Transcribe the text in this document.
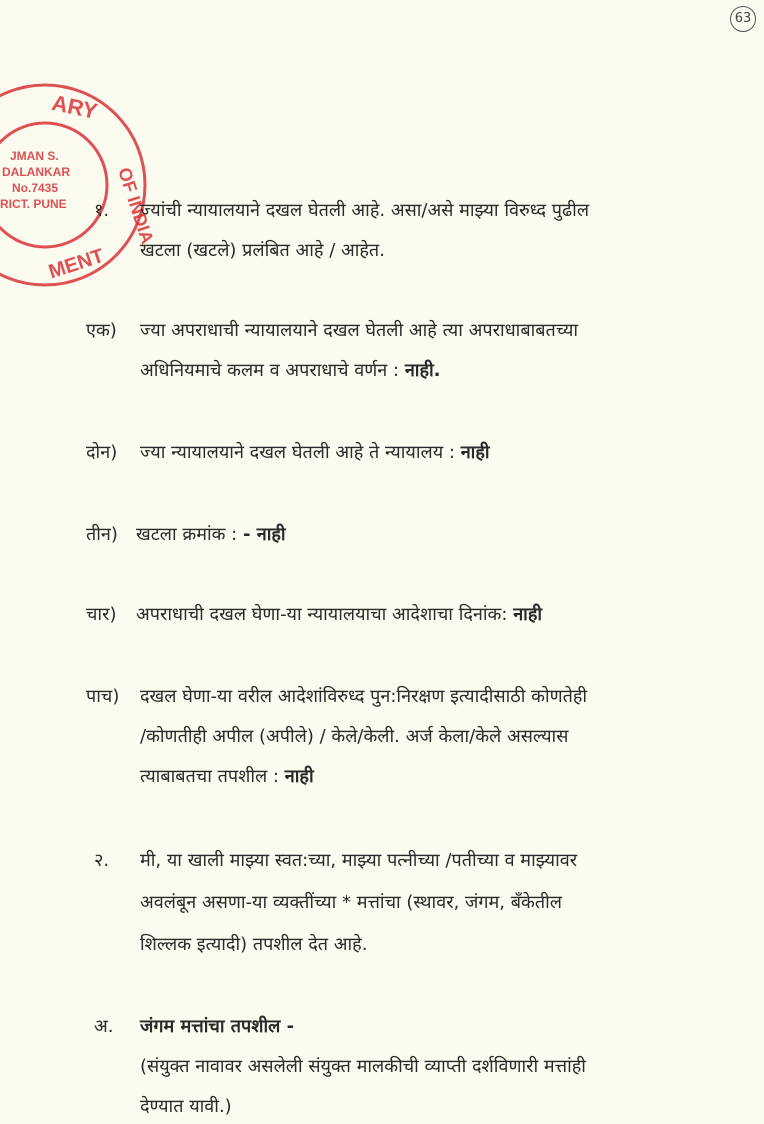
63
ARY
OF INDIA
MENT
JMAN S.
DALANKAR
No.7435
RICT. PUNE १. ज्यांची न्यायालयाने दखल घेतली आहे. असा/असे माझ्या विरुध्द पुढील
खटला (खटले) प्रलंबित आहे / आहेत.
एक) ज्या अपराधाची न्यायालयाने दखल घेतली आहे त्या अपराधाबाबतच्या
अधिनियमाचे कलम व अपराधाचे वर्णन : नाही.
दोन) ज्या न्यायालयाने दखल घेतली आहे ते न्यायालय : नाही
तीन) खटला क्रमांक : - नाही
चार) अपराधाची दखल घेणा-या न्यायालयाचा आदेशाचा दिनांक: नाही
पाच) दखल घेणा-या वरील आदेशांविरुध्द पुन:निरक्षण इत्यादीसाठी कोणतेही
/कोणतीही अपील (अपीले) / केले/केली. अर्ज केला/केले असल्यास
त्याबाबतचा तपशील : नाही
२. मी, या खाली माझ्या स्वत:च्या, माझ्या पत्नीच्या /पतीच्या व माझ्यावर
अवलंबून असणा-या व्यक्तींच्या * मत्तांचा (स्थावर, जंगम, बॅंकेतील
शिल्लक इत्यादी) तपशील देत आहे.
अ. जंगम मत्तांचा तपशील -
(संयुक्त नावावर असलेली संयुक्त मालकीची व्याप्ती दर्शविणारी मत्तांही
देण्यात यावी.)
